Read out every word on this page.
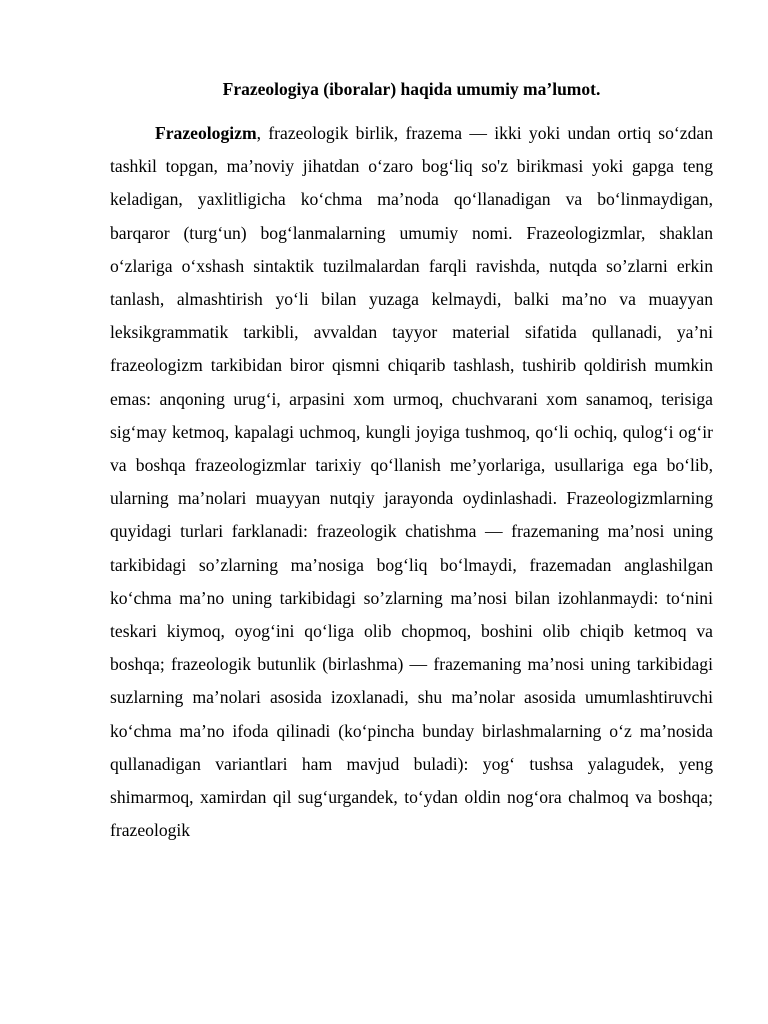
Frazeologiya (iboralar) haqida umumiy ma’lumot.

Frazeologizm, frazeologik birlik, frazema — ikki yoki undan ortiq so‘zdan tashkil topgan, ma’noviy jihatdan o‘zaro bog‘liq so'z birikmasi yoki gapga teng keladigan, yaxlitligicha ko‘chma ma’noda qo‘llanadigan va bo‘linmaydigan, barqaror (turg‘un) bog‘lanmalarning umumiy nomi. Frazeologizmlar, shaklan o‘zlariga o‘xshash sintaktik tuzilmalardan farqli ravishda, nutqda so’zlarni erkin tanlash, almashtirish yo‘li bilan yuzaga kelmaydi, balki ma’no va muayyan leksikgrammatik tarkibli, avvaldan tayyor material sifatida qullanadi, ya’ni frazeologizm tarkibidan biror qismni chiqarib tashlash, tushirib qoldirish mumkin emas: anqoning urug‘i, arpasini xom urmoq, chuchvarani xom sanamoq, terisiga sig‘may ketmoq, kapalagi uchmoq, kungli joyiga tushmoq, qo‘li ochiq, qulog‘i og‘ir va boshqa frazeologizmlar tarixiy qo‘llanish me’yorlariga, usullariga ega bo‘lib, ularning ma’nolari muayyan nutqiy jarayonda oydinlashadi. Frazeologizmlarning quyidagi turlari farklanadi: frazeologik chatishma — frazemaning ma’nosi uning tarkibidagi so’zlarning ma’nosiga bog‘liq bo‘lmaydi, frazemadan anglashilgan ko‘chma ma’no uning tarkibidagi so’zlarning ma’nosi bilan izohlanmaydi: to‘nini teskari kiymoq, oyog‘ini qo‘liga olib chopmoq, boshini olib chiqib ketmoq va boshqa; frazeologik butunlik (birlashma) — frazemaning ma’nosi uning tarkibidagi suzlarning ma’nolari asosida izoxlanadi, shu ma’nolar asosida umumlashtiruvchi ko‘chma ma’no ifoda qilinadi (ko‘pincha bunday birlashmalarning o‘z ma’nosida qullanadigan variantlari ham mavjud buladi): yog‘ tushsa yalagudek, yeng shimarmoq, xamirdan qil sug‘urgandek, to‘ydan oldin nog‘ora chalmoq va boshqa; frazeologik
